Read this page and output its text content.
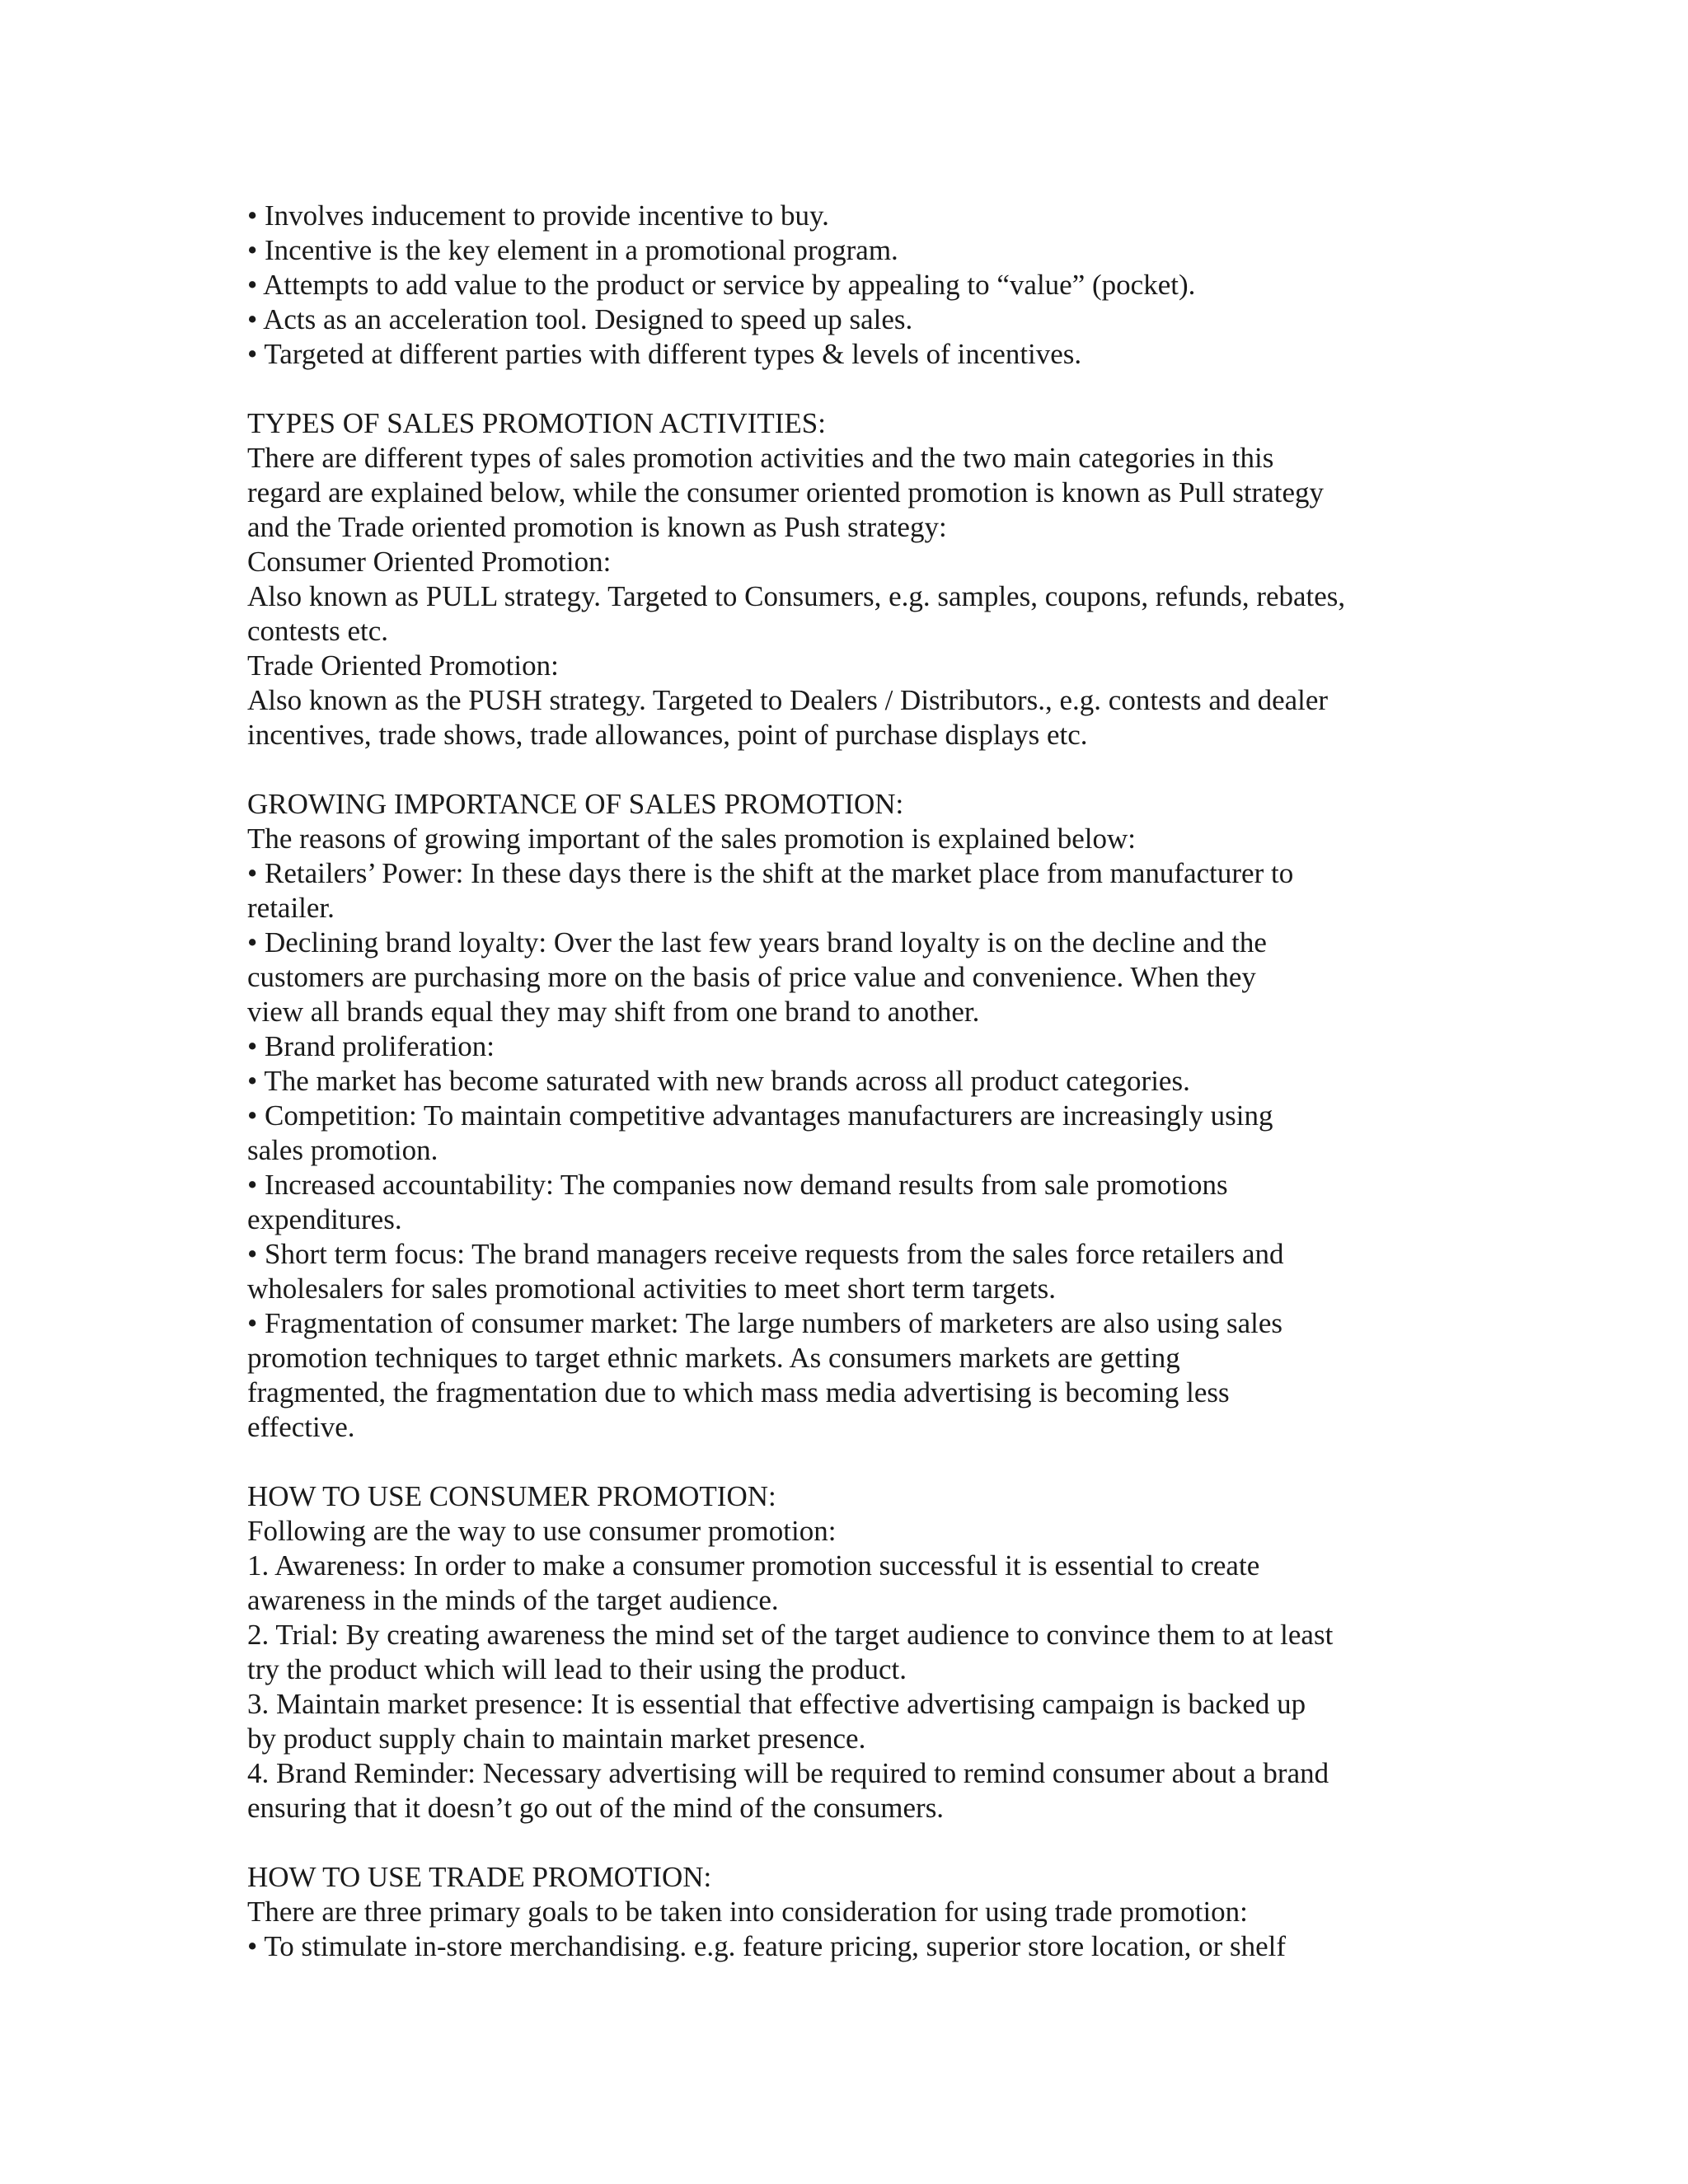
• Involves inducement to provide incentive to buy.
• Incentive is the key element in a promotional program.
• Attempts to add value to the product or service by appealing to “value” (pocket).
• Acts as an acceleration tool. Designed to speed up sales.
• Targeted at different parties with different types & levels of incentives.
TYPES OF SALES PROMOTION ACTIVITIES:
There are different types of sales promotion activities and the two main categories in this
regard are explained below, while the consumer oriented promotion is known as Pull strategy
and the Trade oriented promotion is known as Push strategy:
Consumer Oriented Promotion:
Also known as PULL strategy. Targeted to Consumers, e.g. samples, coupons, refunds, rebates,
contests etc.
Trade Oriented Promotion:
Also known as the PUSH strategy. Targeted to Dealers / Distributors., e.g. contests and dealer
incentives, trade shows, trade allowances, point of purchase displays etc.
GROWING IMPORTANCE OF SALES PROMOTION:
The reasons of growing important of the sales promotion is explained below:
• Retailers’ Power: In these days there is the shift at the market place from manufacturer to
retailer.
• Declining brand loyalty: Over the last few years brand loyalty is on the decline and the
customers are purchasing more on the basis of price value and convenience. When they
view all brands equal they may shift from one brand to another.
• Brand proliferation:
• The market has become saturated with new brands across all product categories.
• Competition: To maintain competitive advantages manufacturers are increasingly using
sales promotion.
• Increased accountability: The companies now demand results from sale promotions
expenditures.
• Short term focus: The brand managers receive requests from the sales force retailers and
wholesalers for sales promotional activities to meet short term targets.
• Fragmentation of consumer market: The large numbers of marketers are also using sales
promotion techniques to target ethnic markets. As consumers markets are getting
fragmented, the fragmentation due to which mass media advertising is becoming less
effective.
HOW TO USE CONSUMER PROMOTION:
Following are the way to use consumer promotion:
1. Awareness: In order to make a consumer promotion successful it is essential to create
awareness in the minds of the target audience.
2. Trial: By creating awareness the mind set of the target audience to convince them to at least
try the product which will lead to their using the product.
3. Maintain market presence: It is essential that effective advertising campaign is backed up
by product supply chain to maintain market presence.
4. Brand Reminder: Necessary advertising will be required to remind consumer about a brand
ensuring that it doesn’t go out of the mind of the consumers.
HOW TO USE TRADE PROMOTION:
There are three primary goals to be taken into consideration for using trade promotion:
• To stimulate in-store merchandising. e.g. feature pricing, superior store location, or shelf
